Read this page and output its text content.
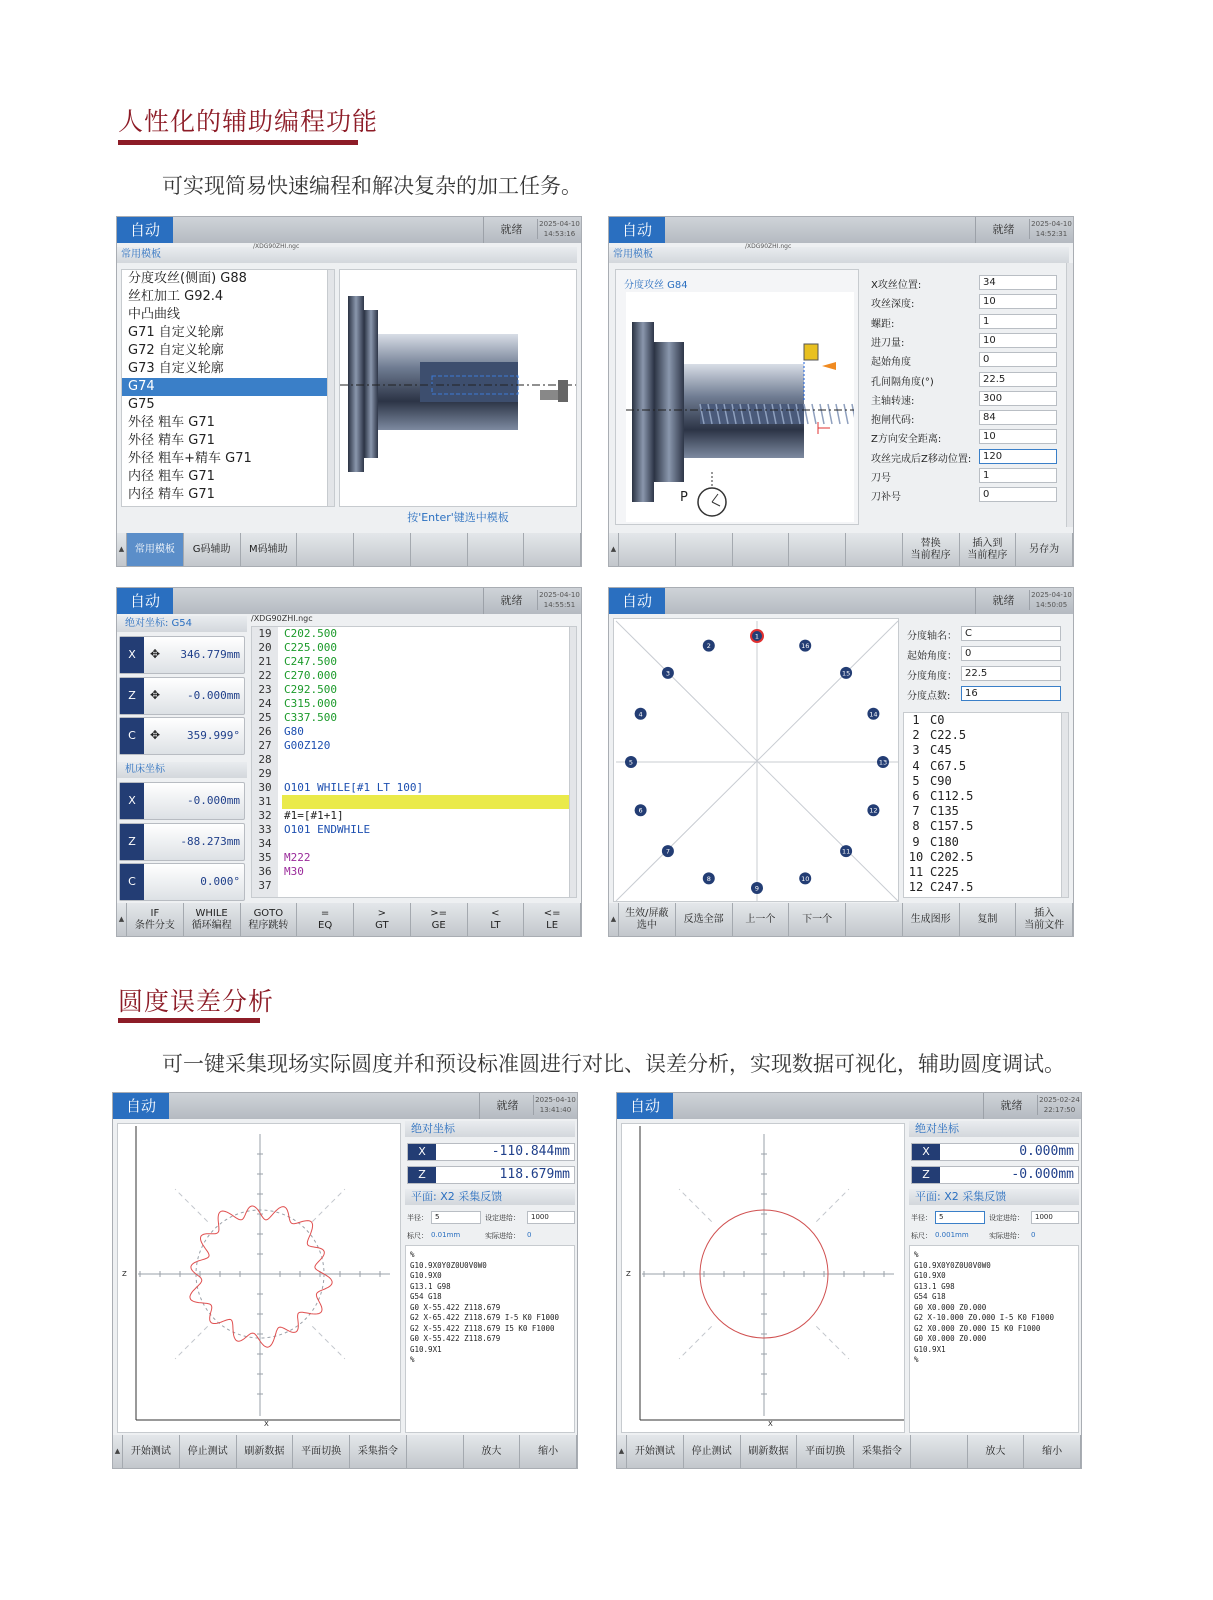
人性化的辅助编程功能
可实现简易快速编程和解决复杂的加工任务。
自动	就绪	2025-04-10
14:53:16
常用模板
/XDG90ZHI.ngc
分度攻丝(侧面) G88
丝杠加工 G92.4
中凸曲线
G71 自定义轮廓
G72 自定义轮廓
G73 自定义轮廓
G74
G75
外径 粗车 G71
外径 精车 G71
外径 粗车+精车 G71
内径 粗车 G71
内径 精车 G71
按'Enter'键选中模板
▲	常用模板	G码辅助	M码辅助
自动	就绪	2025-04-10
14:52:31
常用模板
/XDG90ZHI.ngc
分度攻丝 G84
P
X攻丝位置:	34
攻丝深度:	10
螺距:	1
进刀量:	10
起始角度	0
孔间隔角度(°)	22.5
主轴转速:	300
抱闸代码:	84
Z方向安全距离:	10
攻丝完成后Z移动位置:	120
刀号	1
刀补号	0
▲
替换
当前程序
插入到
当前程序
另存为
自动	就绪	2025-04-10
14:55:51
绝对坐标: G54
X	✥ 346.779mm
Z	✥ -0.000mm
C	✥ 359.999°
机床坐标
X	-0.000mm
Z	-88.273mm
C	0.000°
/XDG90ZHI.ngc
19	C202.500
20	C225.000
21	C247.500
22	C270.000
23	C292.500
24	C315.000
25	C337.500
26	G80
27	G00Z120
28
29
30	O101 WHILE[#1 LT 100]
31
32	#1=[#1+1]
33	O101 ENDWHILE
34
35	M222
36	M30
37
▲
IF
条件分支
WHILE
循环编程
GOTO
程序跳转
=
EQ
>
GT
>=
GE
<
LT
<=
LE
自动	就绪	2025-04-10
14:50:05
1
2
3
4
5
6
7
8
9
10
11
12
13
14
15
16
分度轴名： C
起始角度： 0
分度角度： 22.5
分度点数:	16
1 C0
2 C22.5
3 C45
4 C67.5
5 C90
6 C112.5
7 C135
8 C157.5
9 C180
10 C202.5
11 C225
12 C247.5
▲
生效/屏蔽
选中
反选全部 上一个	下一个	生成图形	复制
插入
当前文件
圆度误差分析
可一键采集现场实际圆度并和预设标准圆进行对比、误差分析，实现数据可视化，辅助圆度调试。
自动	就绪	2025-04-10
13:41:40
Z
X
绝对坐标
X	-110.844mm
Z	118.679mm
平面: X2 采集反馈
半径：	5	设定进给：	1000
标尺： 0.01mm	实际进给： 0
%
G10.9X0Y0Z0U0V0W0
G10.9X0
G13.1 G98
G54 G18
G0 X-55.422 Z118.679
G2 X-65.422 Z118.679 I-5 K0 F1000
G2 X-55.422 Z118.679 I5 K0 F1000
G0 X-55.422 Z118.679
G10.9X1
%
▲	开始测试	停止测试	刷新数据	平面切换	采集指令	放大	缩小
自动	就绪	2025-02-24
22:17:50
Z
X
绝对坐标
X	0.000mm
Z	-0.000mm
平面: X2 采集反馈
半径：	5	设定进给：	1000
标尺： 0.001mm	实际进给： 0
%
G10.9X0Y0Z0U0V0W0
G10.9X0
G13.1 G98
G54 G18
G0 X0.000 Z0.000
G2 X-10.000 Z0.000 I-5 K0 F1000
G2 X0.000 Z0.000 I5 K0 F1000
G0 X0.000 Z0.000
G10.9X1
%
▲	开始测试	停止测试	刷新数据	平面切换	采集指令	放大	缩小
